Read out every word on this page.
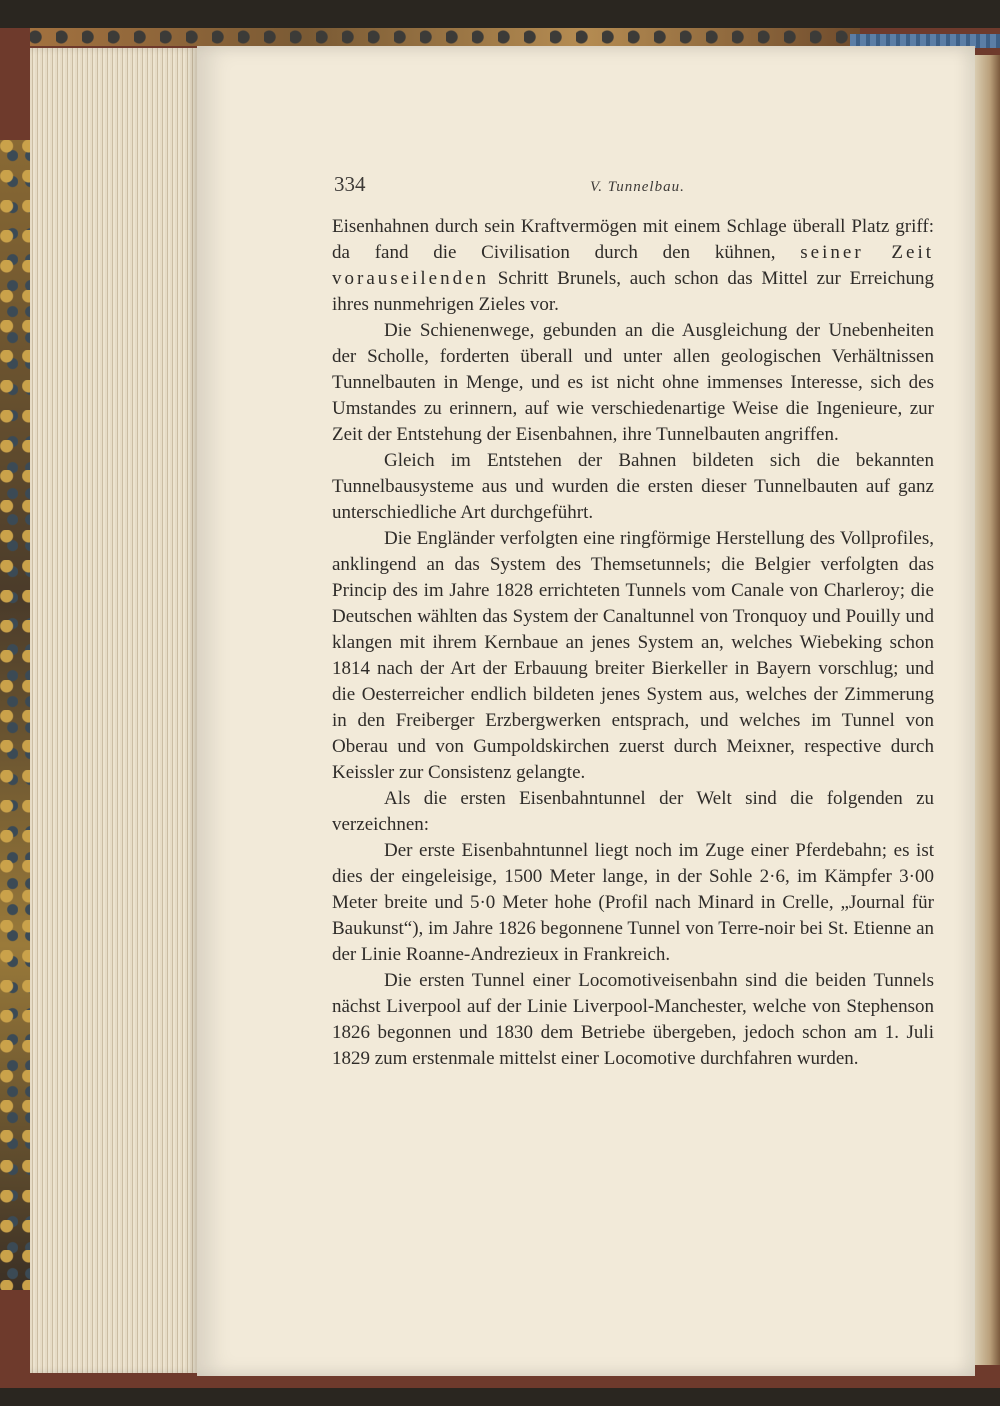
334	V. Tunnelbau.

Eisenhahnen durch sein Kraftvermögen mit einem Schlage überall Platz griff: da fand die Civilisation durch den kühnen, seiner Zeit vorauseilenden Schritt Brunels, auch schon das Mittel zur Erreichung ihres nunmehrigen Zieles vor.

Die Schienenwege, gebunden an die Ausgleichung der Unebenheiten der Scholle, forderten überall und unter allen geologischen Verhältnissen Tunnelbauten in Menge, und es ist nicht ohne immenses Interesse, sich des Umstandes zu erinnern, auf wie verschiedenartige Weise die Ingenieure, zur Zeit der Entstehung der Eisenbahnen, ihre Tunnelbauten angriffen.

Gleich im Entstehen der Bahnen bildeten sich die bekannten Tunnelbausysteme aus und wurden die ersten dieser Tunnelbauten auf ganz unterschiedliche Art durchgeführt.

Die Engländer verfolgten eine ringförmige Herstellung des Vollprofiles, anklingend an das System des Themsetunnels; die Belgier verfolgten das Princip des im Jahre 1828 errichteten Tunnels vom Canale von Charleroy; die Deutschen wählten das System der Canaltunnel von Tronquoy und Pouilly und klangen mit ihrem Kernbaue an jenes System an, welches Wiebeking schon 1814 nach der Art der Erbauung breiter Bierkeller in Bayern vorschlug; und die Oesterreicher endlich bildeten jenes System aus, welches der Zimmerung in den Freiberger Erzbergwerken entsprach, und welches im Tunnel von Oberau und von Gumpoldskirchen zuerst durch Meixner, respective durch Keissler zur Consistenz gelangte.

Als die ersten Eisenbahntunnel der Welt sind die folgenden zu verzeichnen:

Der erste Eisenbahntunnel liegt noch im Zuge einer Pferdebahn; es ist dies der eingeleisige, 1500 Meter lange, in der Sohle 2·6, im Kämpfer 3·00 Meter breite und 5·0 Meter hohe (Profil nach Minard in Crelle, „Journal für Baukunst“), im Jahre 1826 begonnene Tunnel von Terre-noir bei St. Etienne an der Linie Roanne-Andrezieux in Frankreich.

Die ersten Tunnel einer Locomotiveisenbahn sind die beiden Tunnels nächst Liverpool auf der Linie Liverpool-Manchester, welche von Stephenson 1826 begonnen und 1830 dem Betriebe übergeben, jedoch schon am 1. Juli 1829 zum erstenmale mittelst einer Locomotive durchfahren wurden.
